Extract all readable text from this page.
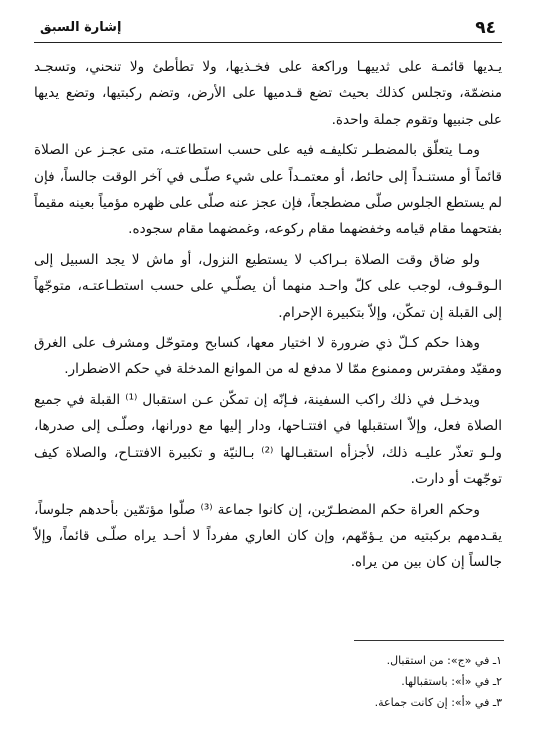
٩٤
إشارة السبق

يـديها قائمـة على ثدييهـا وراكعة على فخـذيها، ولا تطأطئ ولا تنحني، وتسجـد منضمّة، وتجلس كذلك بحيث تضع قـدميها على الأرض، وتضم ركبتيها، وتضع يديها على جنبيها وتقوم جملة واحدة.

ومـا يتعلّق بالمضطـر تكليفـه فيه على حسب استطاعتـه، متى عجـز عن الصلاة قائماً أو مستنـداً إلى حائط، أو معتمـداً على شيء صلّـى في آخر الوقت جالساً، فإن لم يستطع الجلوس صلّى مضطجعاً، فإن عجز عنه صلّى على ظهره مؤمياً بعينه مقيماً بفتحهما مقام قيامه وخفضهما مقام ركوعه، وغمضهما مقام سجوده.

ولو ضاق وقت الصلاة بـراكب لا يستطيع النزول، أو ماش لا يجد السبيل إلى الـوقـوف، لوجب على كلّ واحـد منهما أن يصلّـي على حسب استطـاعتـه، متوجّهاً إلى القبلة إن تمكّن، وإلاّ بتكبيرة الإحرام.

وهذا حكم كـلّ ذي ضرورة لا اختيار معها، كسابح ومتوحّل ومشرف على الغرق ومقيّد ومفترس وممنوع ممّا لا مدفع له من الموانع المدخلة في حكم الاضطرار.

ويدخـل في ذلك راكب السفينة، فـإنّه إن تمكّن عـن استقبال ⁽¹⁾ القبلة في جميع الصلاة فعل، وإلاّ استقبلها في افتتـاحها، ودار إليها مع دورانها، وصلّـى إلى صدرها، ولـو تعذّر عليـه ذلك، لأجزأه استقبـالها ⁽²⁾ بـالنيّة و تكبيرة الافتتـاح، والصلاة كيف توجّهت أو دارت.

وحكم العراة حكم المضطـرّين، إن كانوا جماعة ⁽³⁾ صلّوا مؤتمّين بأحدهم جلوساً، يقـدمهم بركبتيه من يـؤمّهم، وإن كان العاري مفرداً لا أحـد يراه صلّـى قائماً، وإلاّ جالساً إن كان بين من يراه.

١ـ في «ج»: من استقبال.
٢ـ في «أ»: باستقبالها.
٣ـ في «أ»: إن كانت جماعة.
